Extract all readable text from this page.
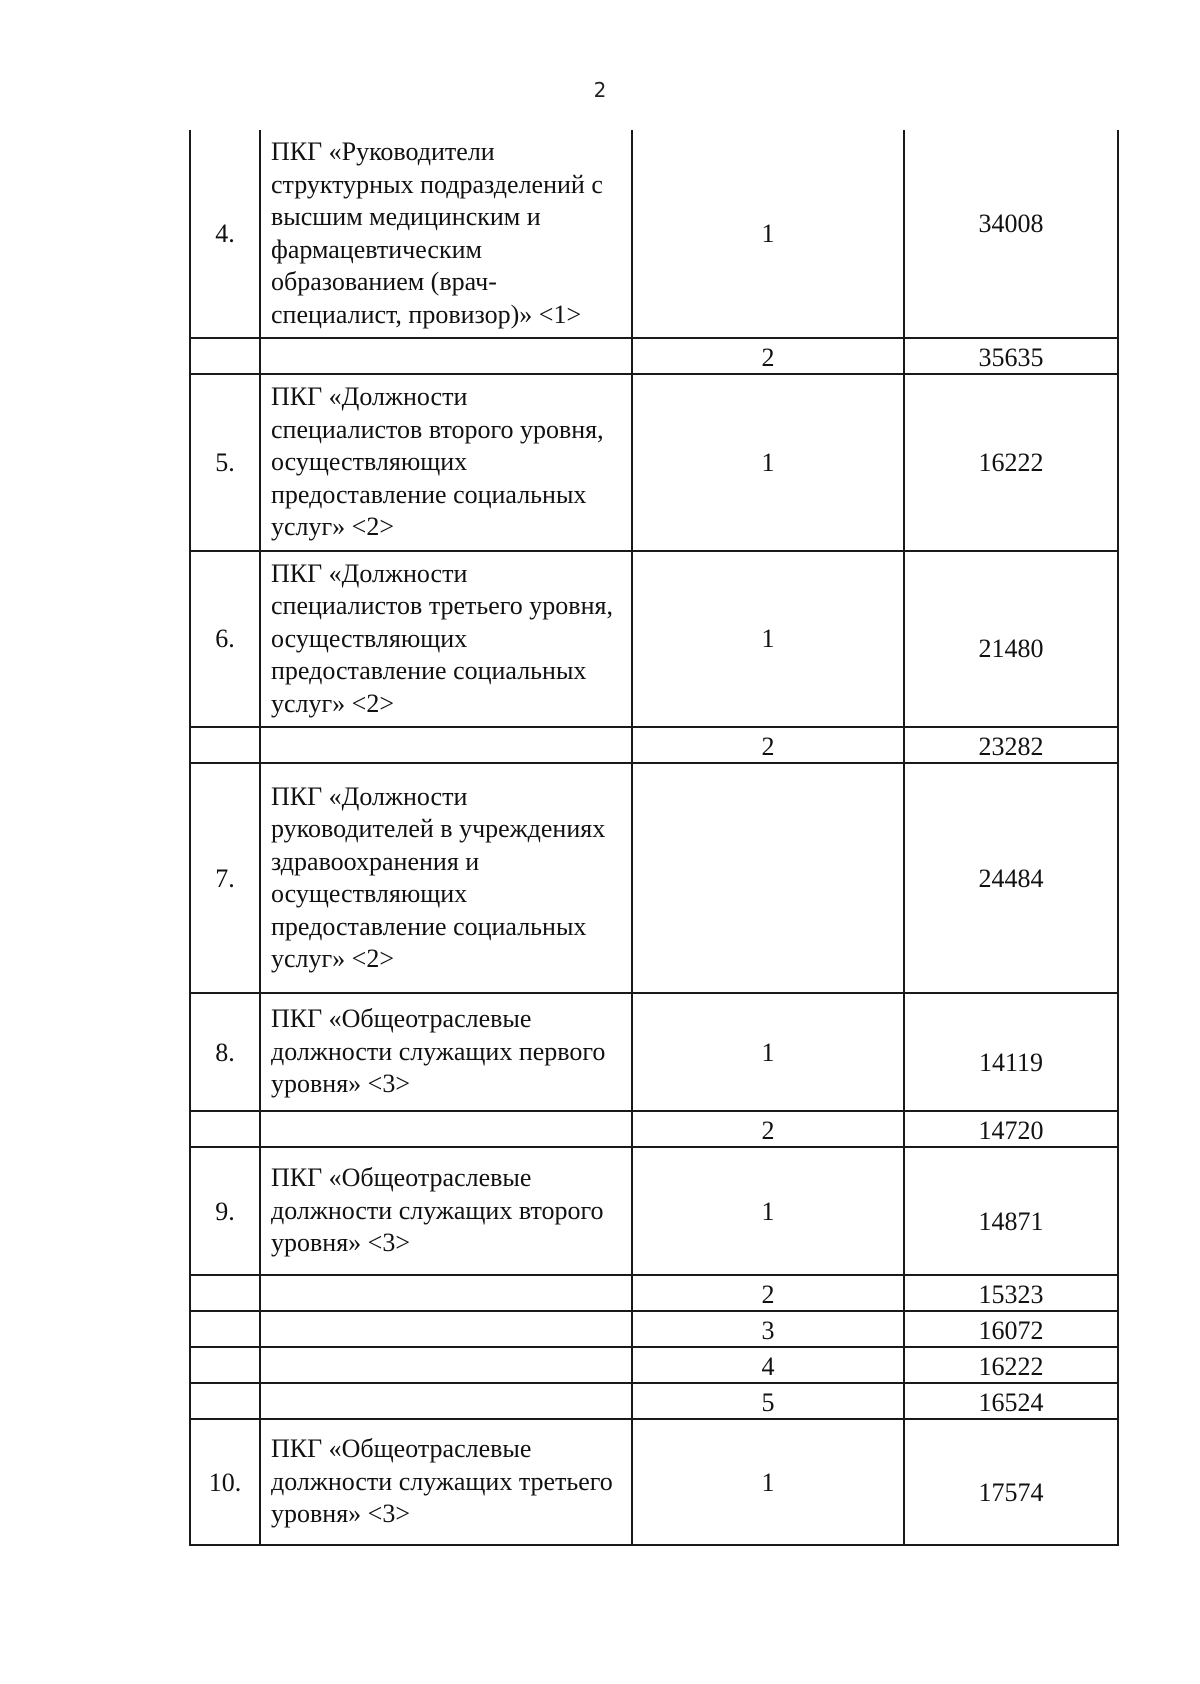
2
4.	ПКГ «Руководители структурных подразделений с высшим медицинским и фармацевтическим образованием (врач-специалист, провизор)» <1>	1	34008
		2	35635
5.	ПКГ «Должности специалистов второго уровня, осуществляющих предоставление социальных услуг» <2>	1	16222
6.	ПКГ «Должности специалистов третьего уровня, осуществляющих предоставление социальных услуг» <2>	1	21480
		2	23282
7.	ПКГ «Должности руководителей в учреждениях здравоохранения и осуществляющих предоставление социальных услуг» <2>		24484
8.	ПКГ «Общеотраслевые должности служащих первого уровня» <3>	1	14119
		2	14720
9.	ПКГ «Общеотраслевые должности служащих второго уровня» <3>	1	14871
		2	15323
		3	16072
		4	16222
		5	16524
10.	ПКГ «Общеотраслевые должности служащих третьего уровня» <3>	1	17574
